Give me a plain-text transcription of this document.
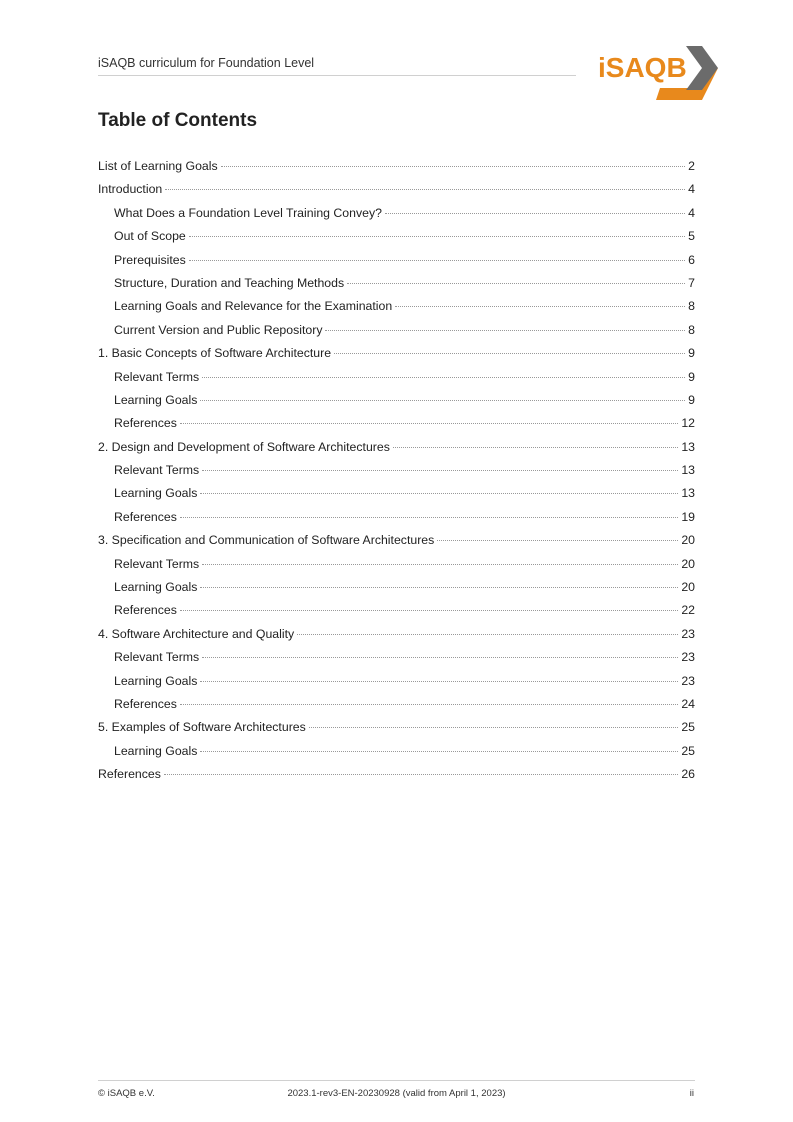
iSAQB curriculum for Foundation Level	iSAQB
Table of Contents
List of Learning Goals	2
Introduction	4
What Does a Foundation Level Training Convey?	4
Out of Scope	5
Prerequisites	6
Structure, Duration and Teaching Methods	7
Learning Goals and Relevance for the Examination	8
Current Version and Public Repository	8
1. Basic Concepts of Software Architecture	9
Relevant Terms	9
Learning Goals	9
References	12
2. Design and Development of Software Architectures	13
Relevant Terms	13
Learning Goals	13
References	19
3. Specification and Communication of Software Architectures	20
Relevant Terms	20
Learning Goals	20
References	22
4. Software Architecture and Quality	23
Relevant Terms	23
Learning Goals	23
References	24
5. Examples of Software Architectures	25
Learning Goals	25
References	26
© iSAQB e.V.	2023.1-rev3-EN-20230928 (valid from April 1, 2023)	ii
